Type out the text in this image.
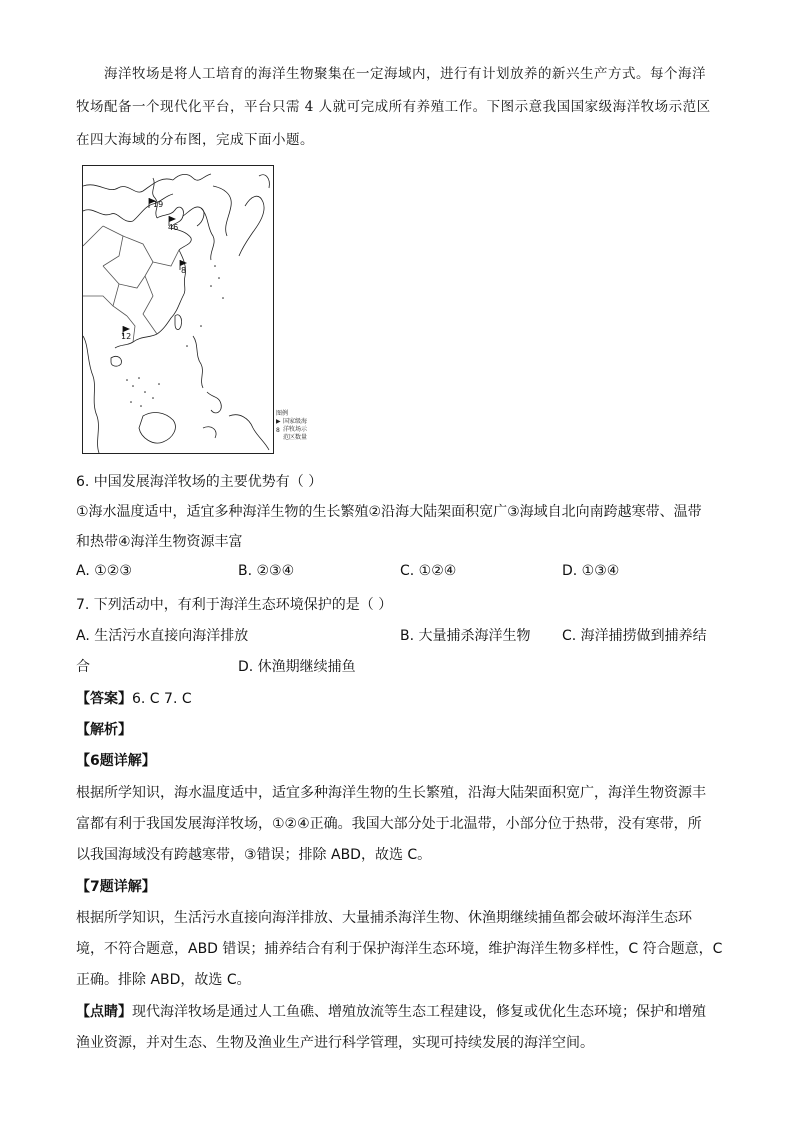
海洋牧场是将人工培育的海洋生物聚集在一定海域内，进行有计划放养的新兴生产方式。每个海洋
牧场配备一个现代化平台，平台只需 4 人就可完成所有养殖工作。下图示意我国国家级海洋牧场示范区
在四大海域的分布图，完成下面小题。
19
46
8
12
图例
国家级海
洋牧场示
范区数量
▶
8
6. 中国发展海洋牧场的主要优势有（ ）
①海水温度适中，适宜多种海洋生物的生长繁殖②沿海大陆架面积宽广③海域自北向南跨越寒带、温带
和热带④海洋生物资源丰富
A. ①②③	B. ②③④	C. ①②④	D. ①③④
7. 下列活动中，有利于海洋生态环境保护的是（ ）
A. 生活污水直接向海洋排放	B. 大量捕杀海洋生物 C. 海洋捕捞做到捕养结
合	D. 休渔期继续捕鱼
【答案】6. C 7. C
【解析】
【6题详解】
根据所学知识，海水温度适中，适宜多种海洋生物的生长繁殖，沿海大陆架面积宽广，海洋生物资源丰
富都有利于我国发展海洋牧场，①②④正确。我国大部分处于北温带，小部分位于热带，没有寒带，所
以我国海域没有跨越寒带，③错误；排除 ABD，故选 C。
【7题详解】
根据所学知识，生活污水直接向海洋排放、大量捕杀海洋生物、休渔期继续捕鱼都会破坏海洋生态环
境，不符合题意，ABD 错误；捕养结合有利于保护海洋生态环境，维护海洋生物多样性，C 符合题意，C
正确。排除 ABD，故选 C。
【点睛】现代海洋牧场是通过人工鱼礁、增殖放流等生态工程建设，修复或优化生态环境；保护和增殖
渔业资源，并对生态、生物及渔业生产进行科学管理，实现可持续发展的海洋空间。
